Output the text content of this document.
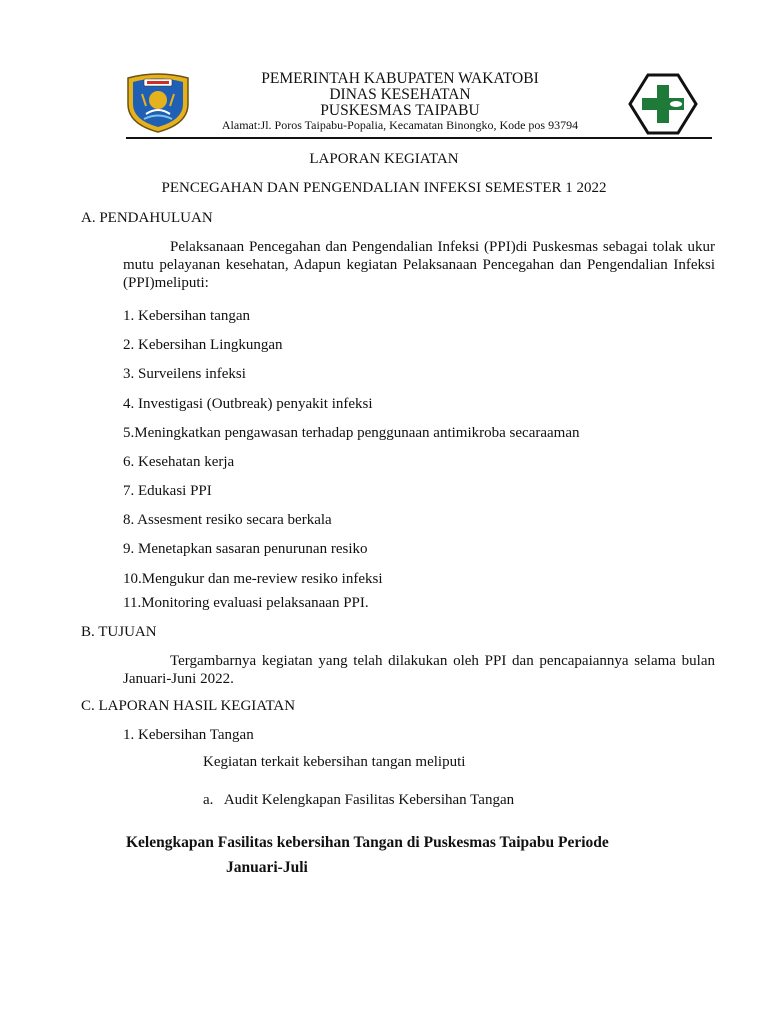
PEMERINTAH KABUPATEN WAKATOBI
DINAS KESEHATAN
PUSKESMAS TAIPABU
Alamat:Jl. Poros Taipabu-Popalia, Kecamatan Binongko, Kode pos 93794
LAPORAN KEGIATAN
PENCEGAHAN DAN PENGENDALIAN INFEKSI SEMESTER 1 2022
A. PENDAHULUAN
Pelaksanaan Pencegahan dan Pengendalian Infeksi (PPI)di Puskesmas sebagai tolak ukur mutu pelayanan kesehatan, Adapun kegiatan Pelaksanaan Pencegahan dan Pengendalian Infeksi (PPI)meliputi:
1. Kebersihan tangan
2. Kebersihan Lingkungan
3. Surveilens infeksi
4. Investigasi (Outbreak) penyakit infeksi
5.Meningkatkan pengawasan terhadap penggunaan antimikroba secaraaman
6. Kesehatan kerja
7. Edukasi PPI
8. Assesment resiko secara berkala
9. Menetapkan sasaran penurunan resiko
10.Mengukur dan me-review resiko infeksi
11.Monitoring evaluasi pelaksanaan PPI.
B. TUJUAN
Tergambarnya kegiatan yang telah dilakukan oleh PPI dan pencapaiannya selama bulan Januari-Juni 2022.
C. LAPORAN HASIL KEGIATAN
1. Kebersihan Tangan
Kegiatan terkait kebersihan tangan meliputi
a.   Audit Kelengkapan Fasilitas Kebersihan Tangan
Kelengkapan Fasilitas kebersihan Tangan di Puskesmas Taipabu Periode
Januari-Juli
